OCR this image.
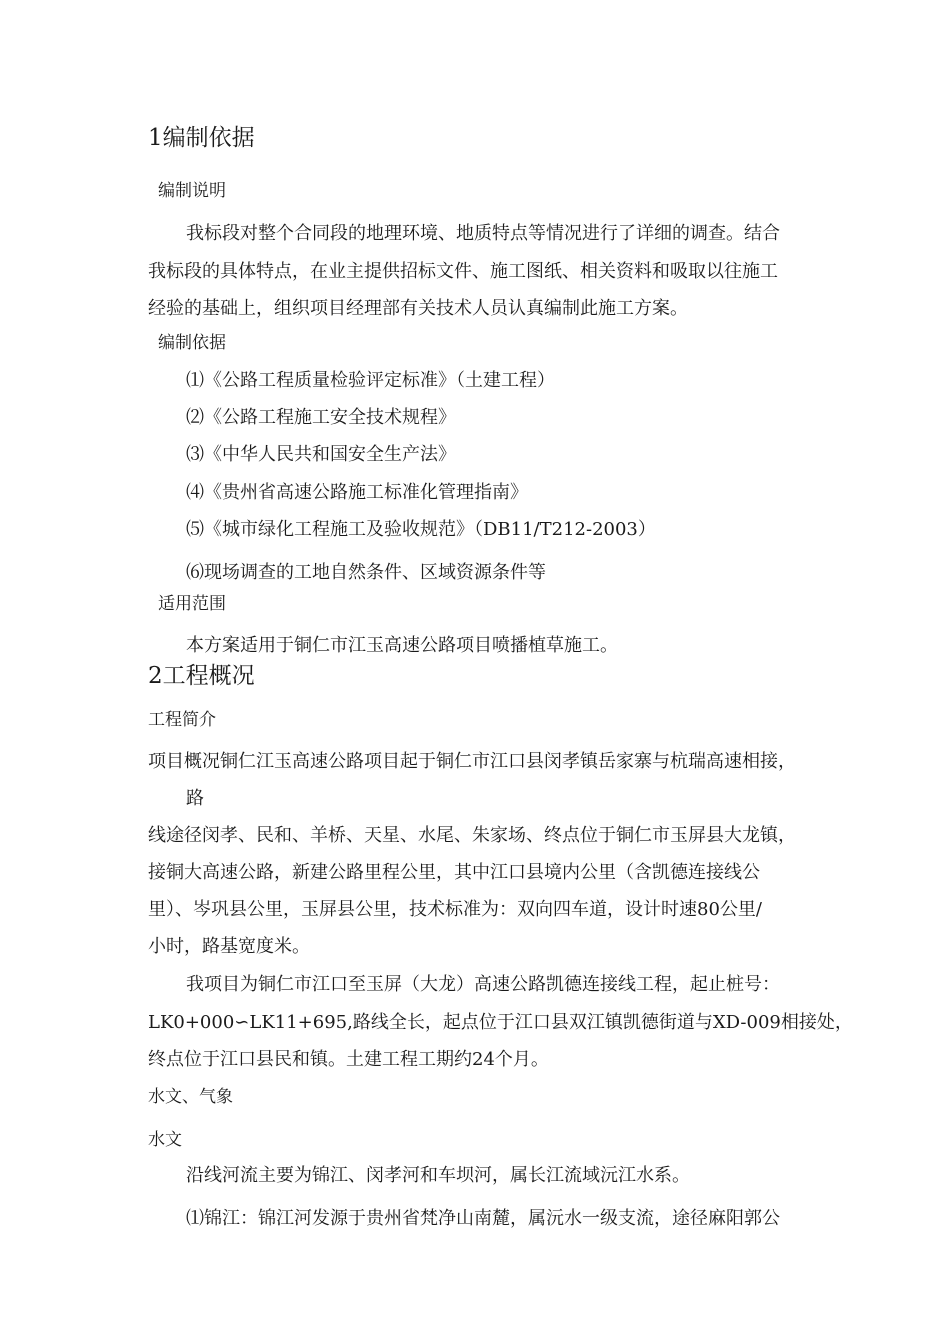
1编制依据
编制说明
我标段对整个合同段的地理环境、地质特点等情况进行了详细的调查。结合
我标段的具体特点，在业主提供招标文件、施工图纸、相关资料和吸取以往施工
经验的基础上，组织项目经理部有关技术人员认真编制此施工方案。
编制依据
⑴《公路工程质量检验评定标准》（土建工程）
⑵《公路工程施工安全技术规程》
⑶《中华人民共和国安全生产法》
⑷《贵州省高速公路施工标准化管理指南》
⑸《城市绿化工程施工及验收规范》（DB11/T212-2003）
⑹现场调查的工地自然条件、区域资源条件等
适用范围
本方案适用于铜仁市江玉高速公路项目喷播植草施工。
2工程概况
工程简介
项目概况铜仁江玉高速公路项目起于铜仁市江口县闵孝镇岳家寨与杭瑞高速相接，
路
线途径闵孝、民和、羊桥、天星、水尾、朱家场、终点位于铜仁市玉屏县大龙镇，
接铜大高速公路，新建公路里程公里，其中江口县境内公里（含凯德连接线公
里）、岑巩县公里，玉屏县公里，技术标准为：双向四车道，设计时速80公里/
小时，路基宽度米。
我项目为铜仁市江口至玉屏（大龙）高速公路凯德连接线工程，起止桩号：
LK0+000∽LK11+695,路线全长，起点位于江口县双江镇凯德街道与XD-009相接处，
终点位于江口县民和镇。土建工程工期约24个月。
水文、气象
水文
沿线河流主要为锦江、闵孝河和车坝河，属长江流域沅江水系。
⑴锦江：锦江河发源于贵州省梵净山南麓，属沅水一级支流，途径麻阳郭公
